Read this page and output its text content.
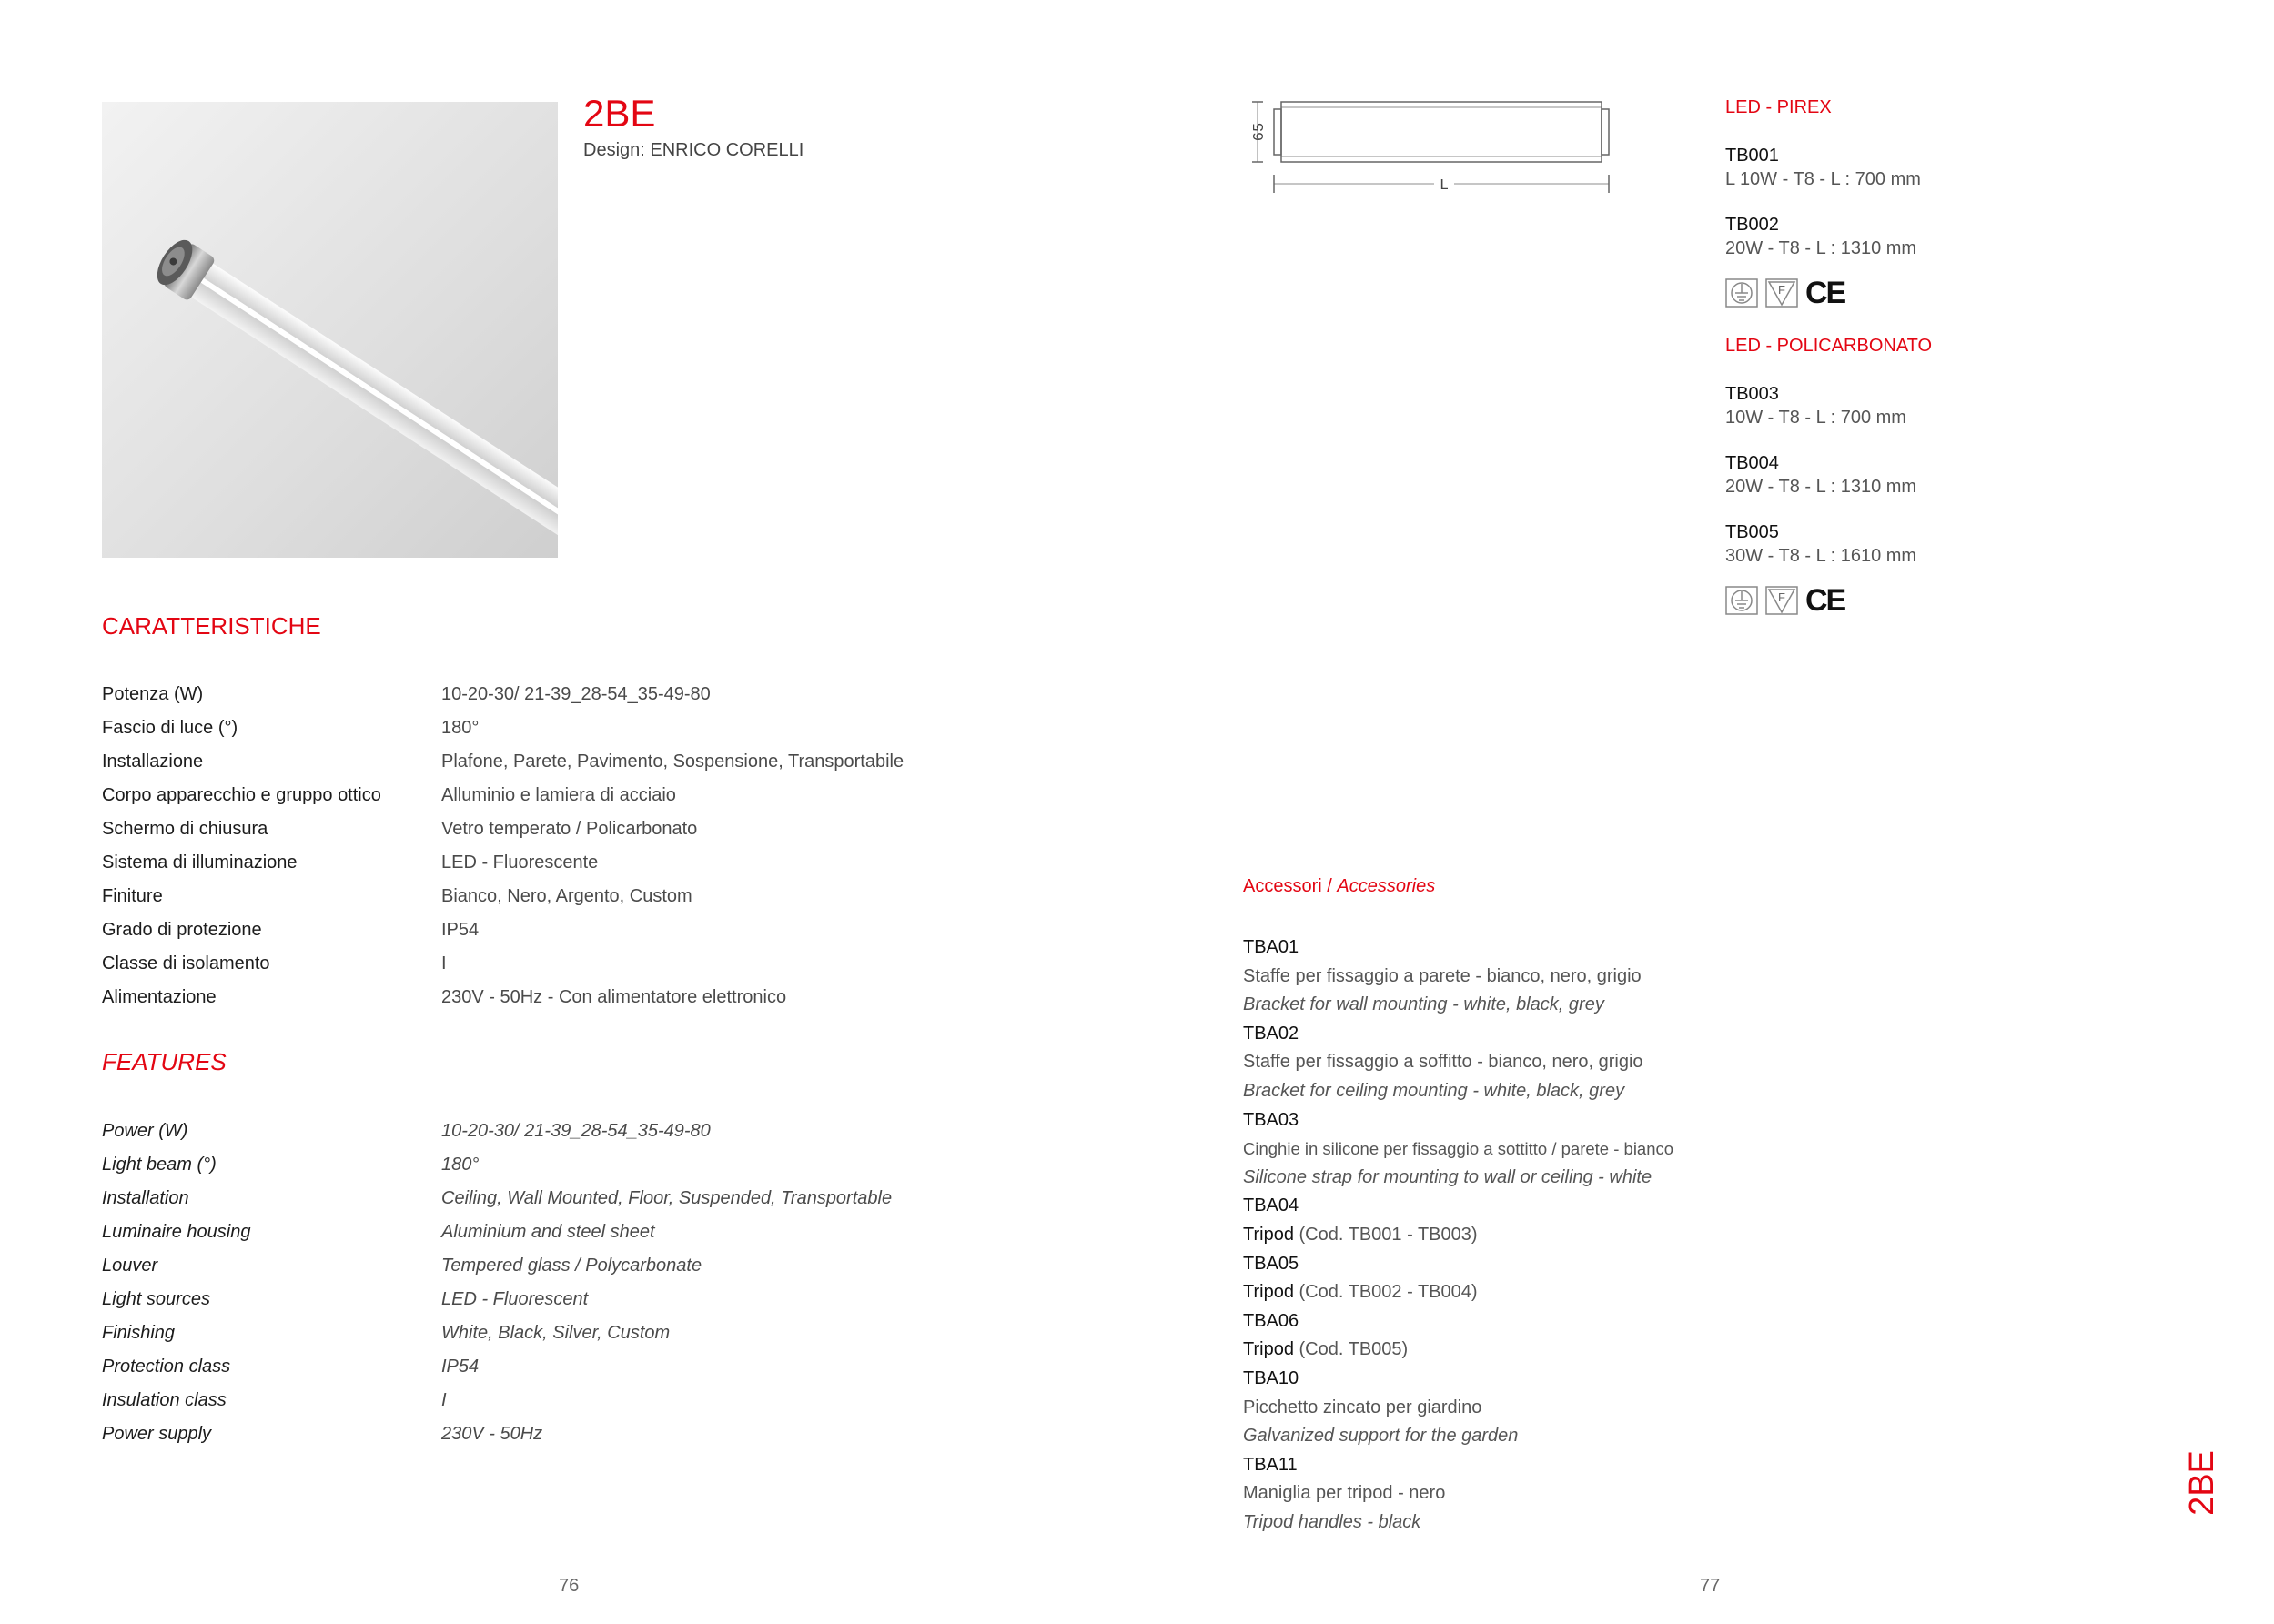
2BE
Design: ENRICO CORELLI
CARATTERISTICHE
Potenza (W)	10-20-30/ 21-39_28-54_35-49-80
Fascio di luce (°)	180°
Installazione	Plafone, Parete, Pavimento, Sospensione, Transportabile
Corpo apparecchio e gruppo ottico	Alluminio e lamiera di acciaio
Schermo di chiusura	Vetro temperato / Policarbonato
Sistema di illuminazione	LED - Fluorescente
Finiture	Bianco, Nero, Argento, Custom
Grado di protezione	IP54
Classe di isolamento	I
Alimentazione	230V - 50Hz - Con alimentatore elettronico
FEATURES
Power (W)	10-20-30/ 21-39_28-54_35-49-80
Light beam (°)	180°
Installation	Ceiling, Wall Mounted, Floor, Suspended, Transportable
Luminaire housing	Aluminium and steel sheet
Louver	Tempered glass / Polycarbonate
Light sources	LED - Fluorescent
Finishing	White, Black, Silver, Custom
Protection class	IP54
Insulation class	I
Power supply	230V - 50Hz
65
L
LED - PIREX
TB001
L 10W - T8 - L : 700 mm
TB002
20W - T8 - L : 1310 mm
F CE
LED - POLICARBONATO
TB003
10W - T8 - L : 700 mm
TB004
20W - T8 - L : 1310 mm
TB005
30W - T8 - L : 1610 mm
F CE
Accessori / Accessories
TBA01
Staffe per fissaggio a parete - bianco, nero, grigio
Bracket for wall mounting - white, black, grey
TBA02
Staffe per fissaggio a soffitto - bianco, nero, grigio
Bracket for ceiling mounting - white, black, grey
TBA03
Cinghie in silicone per fissaggio a sottitto / parete - bianco
Silicone strap for mounting to wall or ceiling - white
TBA04
Tripod (Cod. TB001 - TB003)
TBA05
Tripod (Cod. TB002 - TB004)
TBA06
Tripod (Cod. TB005)
TBA10
Picchetto zincato per giardino
Galvanized support for the garden
TBA11
Maniglia per tripod - nero
Tripod handles - black
76	77
2BE
